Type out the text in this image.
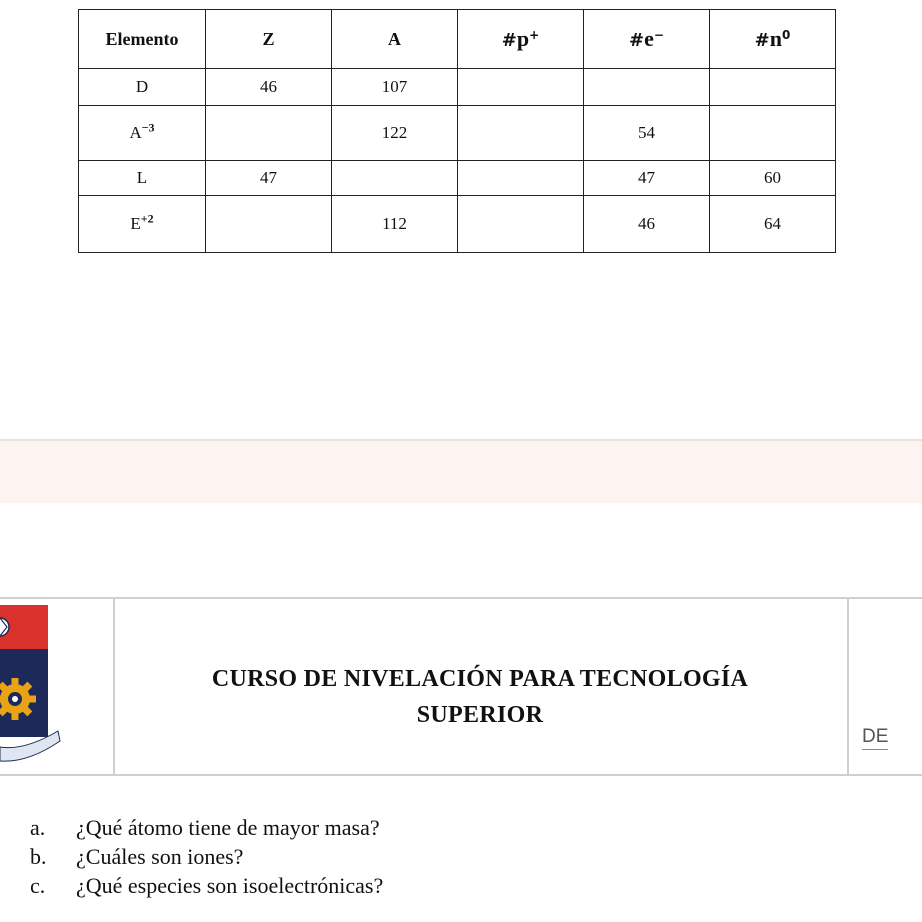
Elemento	Z	A	#p+	#e−	$\#n^0$
D	46	107			
$A^{-3}$		122		54	
L	47			47	60
$E^{+2}$		112		46	64
CURSO DE NIVELACIÓN PARA TECNOLOGÍA
SUPERIOR
DE
a. ¿Qué átomo tiene de mayor masa?
b. ¿Cuáles son iones?
c. ¿Qué especies son isoelectrónicas?
